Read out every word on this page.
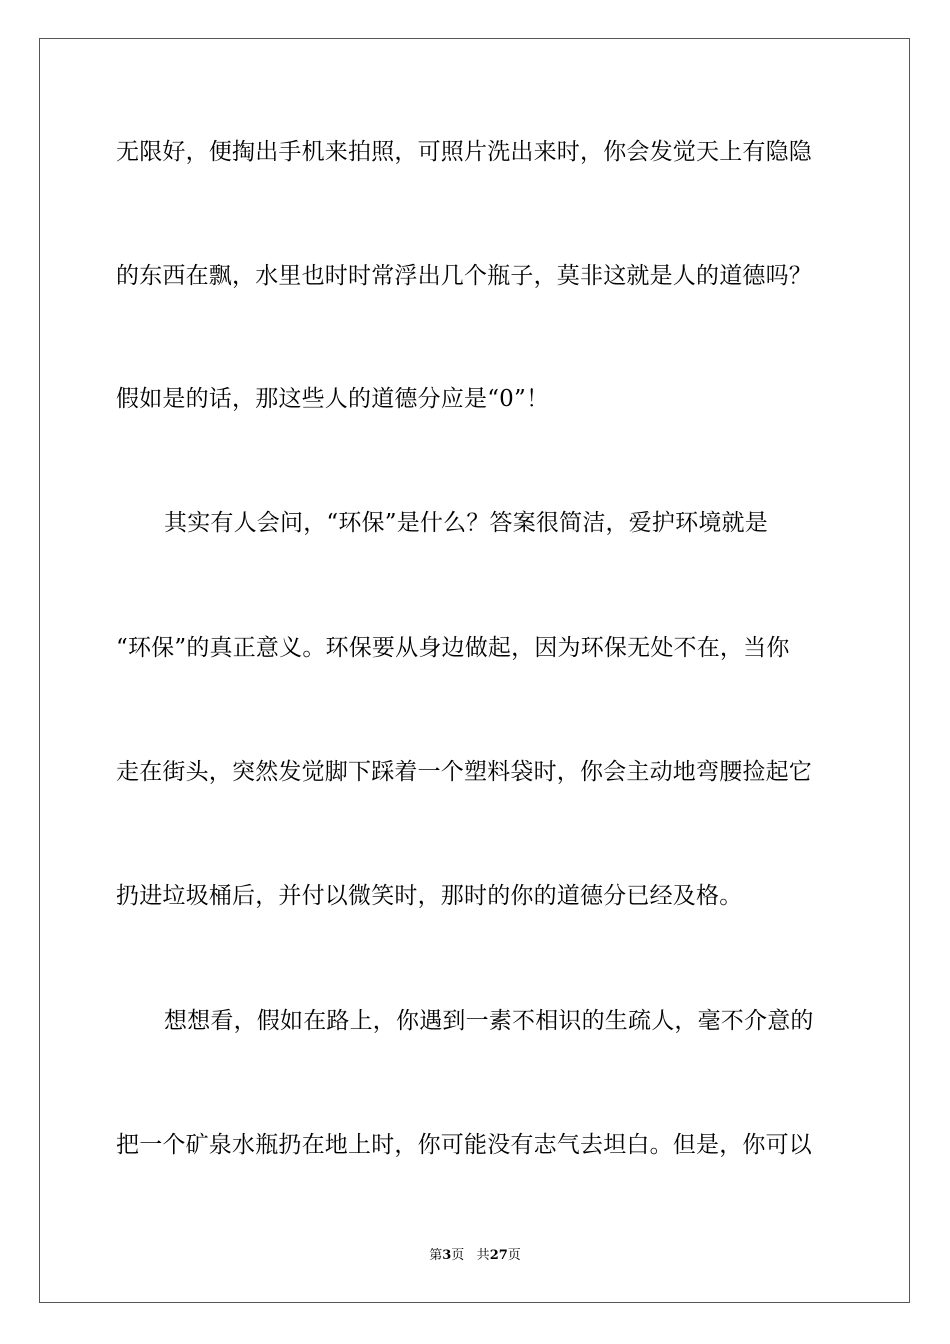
无限好，便掏出手机来拍照，可照片洗出来时，你会发觉天上有隐隐
的东西在飘，水里也时时常浮出几个瓶子，莫非这就是人的道德吗？
假如是的话，那这些人的道德分应是“0”！
其实有人会问，“环保”是什么？答案很简洁，爱护环境就是
“环保”的真正意义。环保要从身边做起，因为环保无处不在，当你
走在街头，突然发觉脚下踩着一个塑料袋时，你会主动地弯腰捡起它
扔进垃圾桶后，并付以微笑时，那时的你的道德分已经及格。
想想看，假如在路上，你遇到一素不相识的生疏人，毫不介意的
把一个矿泉水瓶扔在地上时，你可能没有志气去坦白。但是，你可以
第3页 共27页
